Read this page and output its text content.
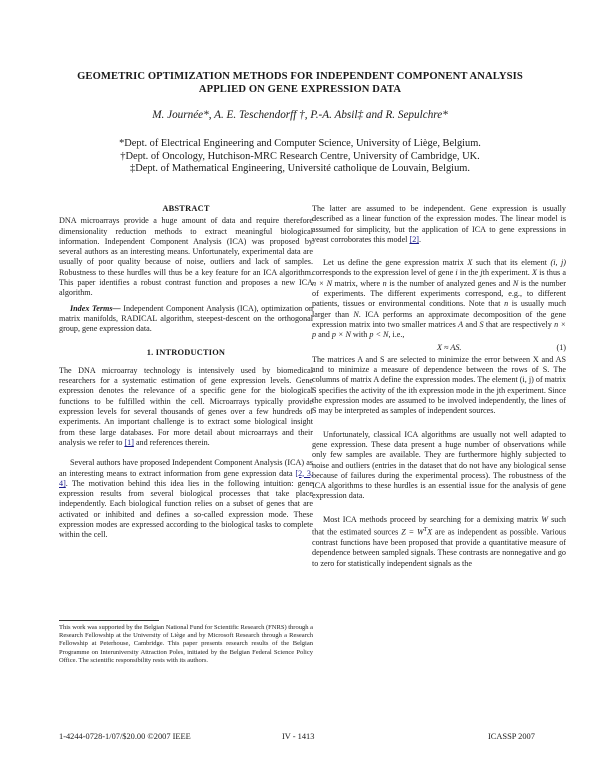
GEOMETRIC OPTIMIZATION METHODS FOR INDEPENDENT COMPONENT ANALYSIS
APPLIED ON GENE EXPRESSION DATA
M. Journée*, A. E. Teschendorff †, P.-A. Absil‡ and R. Sepulchre*
*Dept. of Electrical Engineering and Computer Science, University of Liège, Belgium.
†Dept. of Oncology, Hutchison-MRC Research Centre, University of Cambridge, UK.
‡Dept. of Mathematical Engineering, Université catholique de Louvain, Belgium.
ABSTRACT

DNA microarrays provide a huge amount of data and require therefore dimensionality reduction methods to extract meaningful biological information. Independent Component Analysis (ICA) was proposed by several authors as an interesting means. Unfortunately, experimental data are usually of poor quality because of noise, outliers and lack of samples. Robustness to these hurdles will thus be a key feature for an ICA algorithm. This paper identifies a robust contrast function and proposes a new ICA algorithm.

Index Terms— Independent Component Analysis (ICA), optimization on matrix manifolds, RADICAL algorithm, steepest-descent on the orthogonal group, gene expression data.

1. INTRODUCTION

The DNA microarray technology is intensively used by biomedical researchers for a systematic estimation of gene expression levels. Gene expression denotes the relevance of a specific gene for the biological functions to be fulfilled within the cell. Microarrays typically provide expression levels for several thousands of genes over a few hundreds of experiments. An important challenge is to extract some biological insight from these large databases. For more detail about microarrays and their analysis we refer to [1] and references therein.

Several authors have proposed Independent Component Analysis (ICA) as an interesting means to extract information from gene expression data [2, 3, 4]. The motivation behind this idea lies in the following intuition: gene expression results from several biological processes that take place independently. Each biological function relies on a subset of genes that are activated or inhibited and defines a so-called expression mode. These expression modes are expressed according to the biological tasks to complete within the cell.

The latter are assumed to be independent. Gene expression is usually described as a linear function of the expression modes. The linear model is assumed for simplicity, but the application of ICA to gene expressions in yeast corroborates this model [2].

Let us define the gene expression matrix X such that its element (i, j) corresponds to the expression level of gene i in the jth experiment. X is thus a n × N matrix, where n is the number of analyzed genes and N is the number of experiments. The different experiments correspond, e.g., to different patients, tissues or environmental conditions. Note that n is usually much larger than N. ICA performs an approximate decomposition of the gene expression matrix into two smaller matrices A and S that are respectively n × p and p × N with p < N, i.e.,

X ≈ AS.	(1)

The matrices A and S are selected to minimize the error between X and AS and to minimize a measure of dependence between the rows of S. The columns of matrix A define the expression modes. The element (i, j) of matrix S specifies the activity of the ith expression mode in the jth experiment. Since the expression modes are assumed to be involved independently, the lines of S may be interpreted as samples of independent sources.

Unfortunately, classical ICA algorithms are usually not well adapted to gene expression. These data present a huge number of observations while only few samples are available. They are furthermore highly subjected to noise and outliers (entries in the dataset that do not have any biological sense because of failures during the experimental process). The robustness of the ICA algorithms to these hurdles is an essential issue for the analysis of gene expression data.

Most ICA methods proceed by searching for a demixing matrix W such that the estimated sources $Z = W^TX$ are as independent as possible. Various contrast functions have been proposed that provide a quantitative measure of dependence between sampled signals. These contrasts are nonnegative and go to zero for statistically independent signals as the

This work was supported by the Belgian National Fund for Scientific Research (FNRS) through a Research Fellowship at the University of Liège and by Microsoft Research through a Research Fellowship at Peterhouse, Cambridge. This paper presents research results of the Belgian Programme on Interuniversity Attraction Poles, initiated by the Belgian Federal Science Policy Office. The scientific responsibility rests with its authors.
1-4244-0728-1/07/$20.00 ©2007 IEEE	IV - 1413	ICASSP 2007
